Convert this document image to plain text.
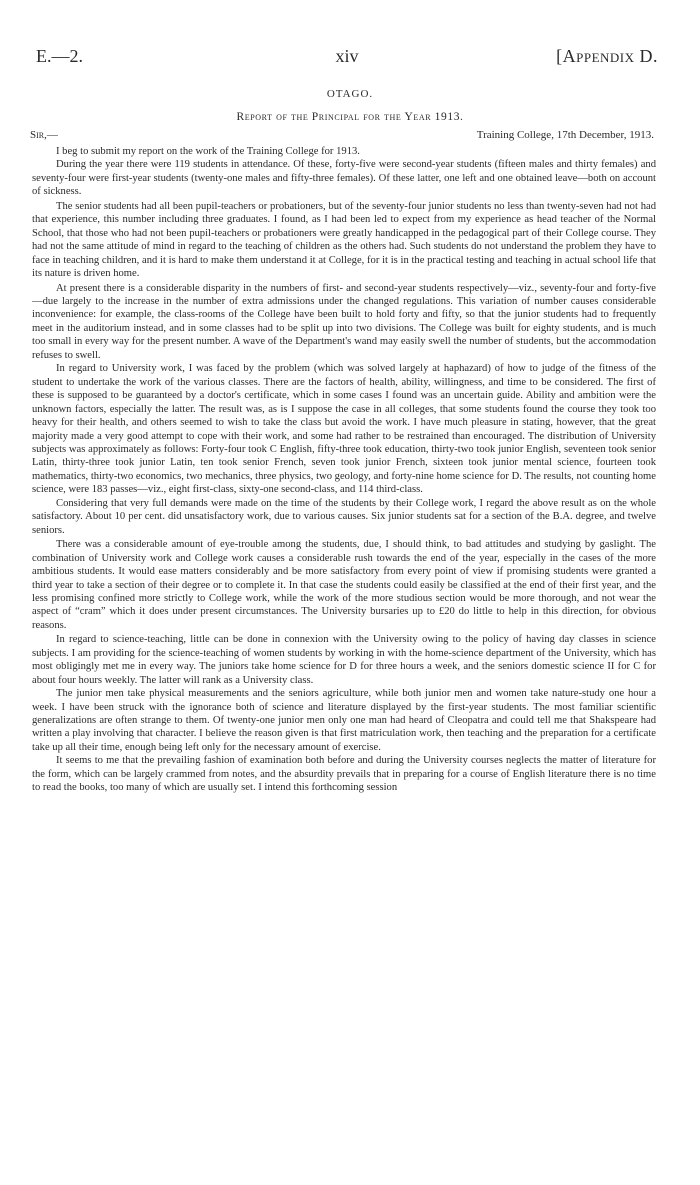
E.—2.	xiv	[Appendix D.
OTAGO.
Report of the Principal for the Year 1913.
Sir,—	Training College, 17th December, 1913.

I beg to submit my report on the work of the Training College for 1913.

During the year there were 119 students in attendance. Of these, forty-five were second-year students (fifteen males and thirty females) and seventy-four were first-year students (twenty-one males and fifty-three females). Of these latter, one left and one obtained leave—both on account of sickness.

The senior students had all been pupil-teachers or probationers, but of the seventy-four junior students no less than twenty-seven had not had that experience, this number including three graduates. I found, as I had been led to expect from my experience as head teacher of the Normal School, that those who had not been pupil-teachers or probationers were greatly handicapped in the pedagogical part of their College course. They had not the same attitude of mind in regard to the teaching of children as the others had. Such students do not understand the problem they have to face in teaching children, and it is hard to make them understand it at College, for it is in the practical testing and teaching in actual school life that its nature is driven home.

At present there is a considerable disparity in the numbers of first- and second-year students respectively—viz., seventy-four and forty-five—due largely to the increase in the number of extra admissions under the changed regulations. This variation of number causes considerable inconvenience: for example, the class-rooms of the College have been built to hold forty and fifty, so that the junior students had to frequently meet in the auditorium instead, and in some classes had to be split up into two divisions. The College was built for eighty students, and is much too small in every way for the present number. A wave of the Department's wand may easily swell the number of students, but the accommodation refuses to swell.

In regard to University work, I was faced by the problem (which was solved largely at haphazard) of how to judge of the fitness of the student to undertake the work of the various classes. There are the factors of health, ability, willingness, and time to be considered. The first of these is supposed to be guaranteed by a doctor's certificate, which in some cases I found was an uncertain guide. Ability and ambition were the unknown factors, especially the latter. The result was, as is I suppose the case in all colleges, that some students found the course they took too heavy for their health, and others seemed to wish to take the class but avoid the work. I have much pleasure in stating, however, that the great majority made a very good attempt to cope with their work, and some had rather to be restrained than encouraged. The distribution of University subjects was approximately as follows: Forty-four took C English, fifty-three took education, thirty-two took junior English, seventeen took senior Latin, thirty-three took junior Latin, ten took senior French, seven took junior French, sixteen took junior mental science, fourteen took mathematics, thirty-two economics, two mechanics, three physics, two geology, and forty-nine home science for D. The results, not counting home science, were 183 passes—viz., eight first-class, sixty-one second-class, and 114 third-class.

Considering that very full demands were made on the time of the students by their College work, I regard the above result as on the whole satisfactory. About 10 per cent. did unsatisfactory work, due to various causes. Six junior students sat for a section of the B.A. degree, and twelve seniors.

There was a considerable amount of eye-trouble among the students, due, I should think, to bad attitudes and studying by gaslight. The combination of University work and College work causes a considerable rush towards the end of the year, especially in the cases of the more ambitious students. It would ease matters considerably and be more satisfactory from every point of view if promising students were granted a third year to take a section of their degree or to complete it. In that case the students could easily be classified at the end of their first year, and the less promising confined more strictly to College work, while the work of the more studious section would be more thorough, and not wear the aspect of “cram” which it does under present circumstances. The University bursaries up to £20 do little to help in this direction, for obvious reasons.

In regard to science-teaching, little can be done in connexion with the University owing to the policy of having day classes in science subjects. I am providing for the science-teaching of women students by working in with the home-science department of the University, which has most obligingly met me in every way. The juniors take home science for D for three hours a week, and the seniors domestic science II for C for about four hours weekly. The latter will rank as a University class.

The junior men take physical measurements and the seniors agriculture, while both junior men and women take nature-study one hour a week. I have been struck with the ignorance both of science and literature displayed by the first-year students. The most familiar scientific generalizations are often strange to them. Of twenty-one junior men only one man had heard of Cleopatra and could tell me that Shakspeare had written a play involving that character. I believe the reason given is that first matriculation work, then teaching and the preparation for a certificate take up all their time, enough being left only for the necessary amount of exercise.

It seems to me that the prevailing fashion of examination both before and during the University courses neglects the matter of literature for the form, which can be largely crammed from notes, and the absurdity prevails that in preparing for a course of English literature there is no time to read the books, too many of which are usually set. I intend this forthcoming session
